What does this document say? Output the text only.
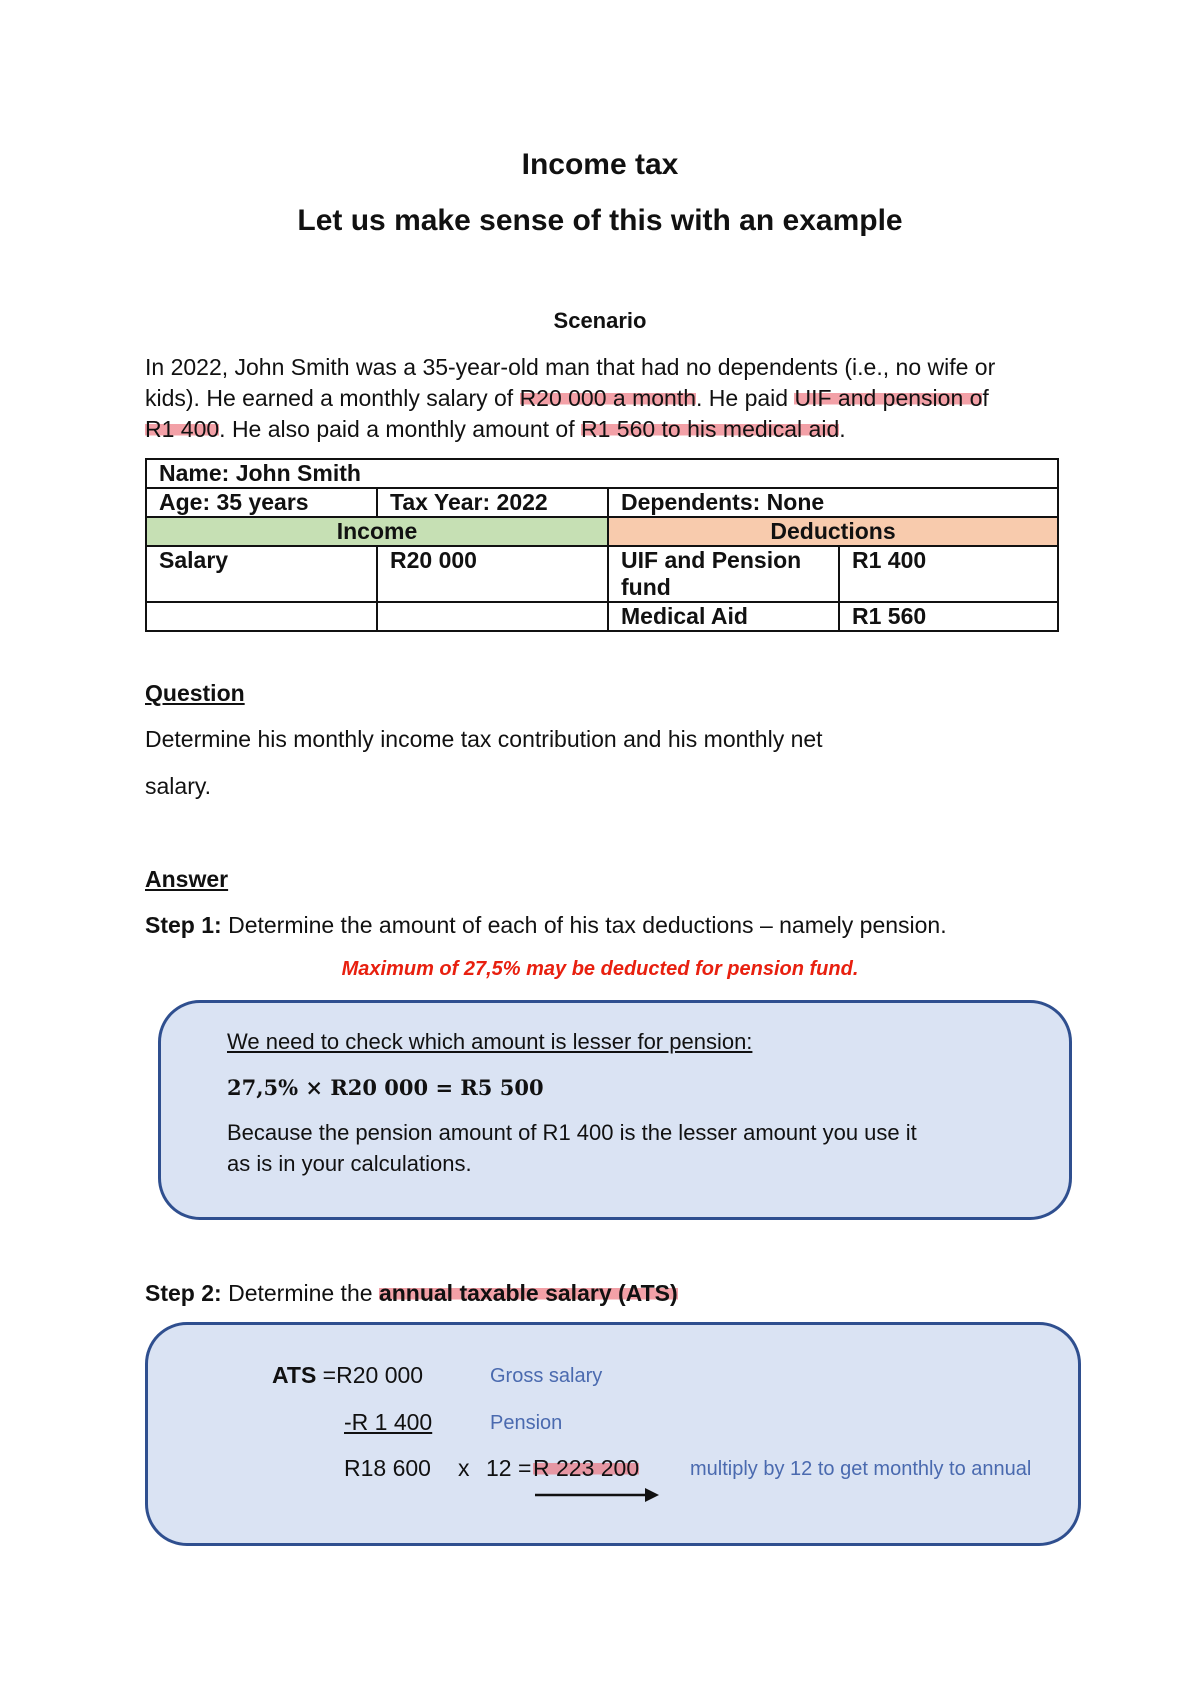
Income tax
Let us make sense of this with an example
Scenario
In 2022, John Smith was a 35-year-old man that had no dependents (i.e., no wife or
kids). He earned a monthly salary of R20 000 a month. He paid UIF and pension of
R1 400. He also paid a monthly amount of R1 560 to his medical aid.
Name: John Smith			
Age: 35 years	Tax Year: 2022	Dependents: None	
Income		Deductions	
Salary	R20 000	UIF and Pension fund	R1 400
		Medical Aid	R1 560
Question
Determine his monthly income tax contribution and his monthly net
salary.
Answer
Step 1: Determine the amount of each of his tax deductions – namely pension.
Maximum of 27,5% may be deducted for pension fund.
We need to check which amount is lesser for pension:
27,5% × R20 000 = R5 500
Because the pension amount of R1 400 is the lesser amount you use it
as is in your calculations.
Step 2: Determine the annual taxable salary (ATS)
ATS =R20 000	Gross salary
-R 1 400	Pension
R18 600 x 12 = R 223 200	multiply by 12 to get monthly to annual
